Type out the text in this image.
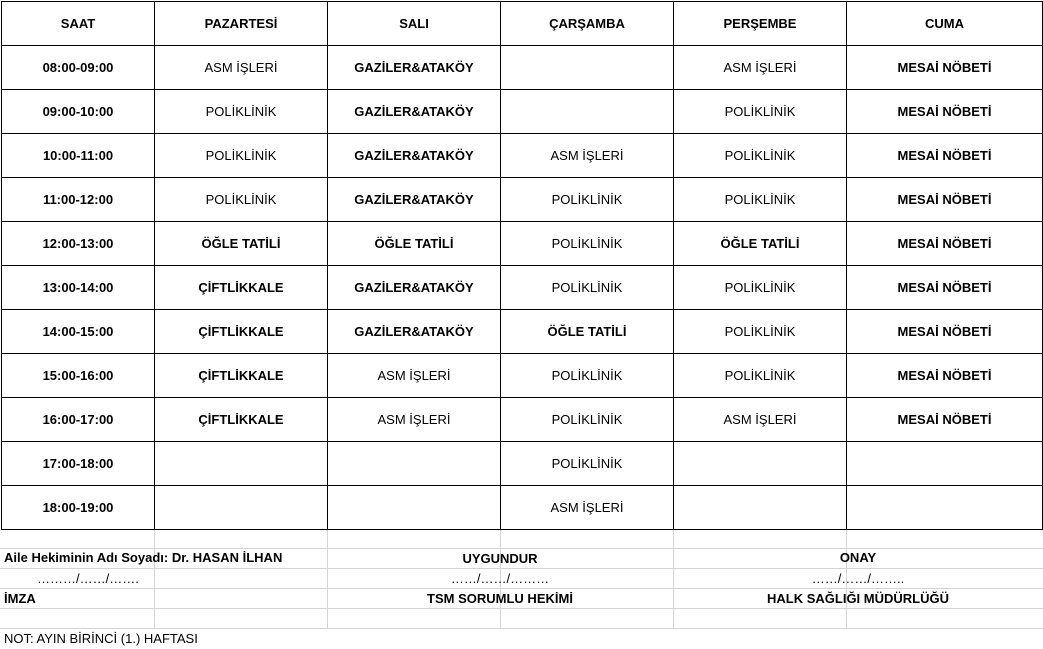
SAAT	PAZARTESİ	SALI	ÇARŞAMBA	PERŞEMBE	CUMA
08:00-09:00	ASM İŞLERİ	GAZİLER&ATAKÖY		ASM İŞLERİ	MESAİ NÖBETİ
09:00-10:00	POLİKLİNİK	GAZİLER&ATAKÖY		POLİKLİNİK	MESAİ NÖBETİ
10:00-11:00	POLİKLİNİK	GAZİLER&ATAKÖY	ASM İŞLERİ	POLİKLİNİK	MESAİ NÖBETİ
11:00-12:00	POLİKLİNİK	GAZİLER&ATAKÖY	POLİKLİNİK	POLİKLİNİK	MESAİ NÖBETİ
12:00-13:00	ÖĞLE TATİLİ	ÖĞLE TATİLİ	POLİKLİNİK	ÖĞLE TATİLİ	MESAİ NÖBETİ
13:00-14:00	ÇİFTLİKKALE	GAZİLER&ATAKÖY	POLİKLİNİK	POLİKLİNİK	MESAİ NÖBETİ
14:00-15:00	ÇİFTLİKKALE	GAZİLER&ATAKÖY	ÖĞLE TATİLİ	POLİKLİNİK	MESAİ NÖBETİ
15:00-16:00	ÇİFTLİKKALE	ASM İŞLERİ	POLİKLİNİK	POLİKLİNİK	MESAİ NÖBETİ
16:00-17:00	ÇİFTLİKKALE	ASM İŞLERİ	POLİKLİNİK	ASM İŞLERİ	MESAİ NÖBETİ
17:00-18:00			POLİKLİNİK		
18:00-19:00			ASM İŞLERİ		
Aile Hekiminin Adı Soyadı: Dr. HASAN İLHAN
………/……/…….
İMZA
UYGUNDUR
……/……/………
TSM SORUMLU HEKİMİ
ONAY
……/……/……..
HALK SAĞLIĞI MÜDÜRLÜĞÜ
NOT: AYIN BİRİNCİ (1.) HAFTASI
